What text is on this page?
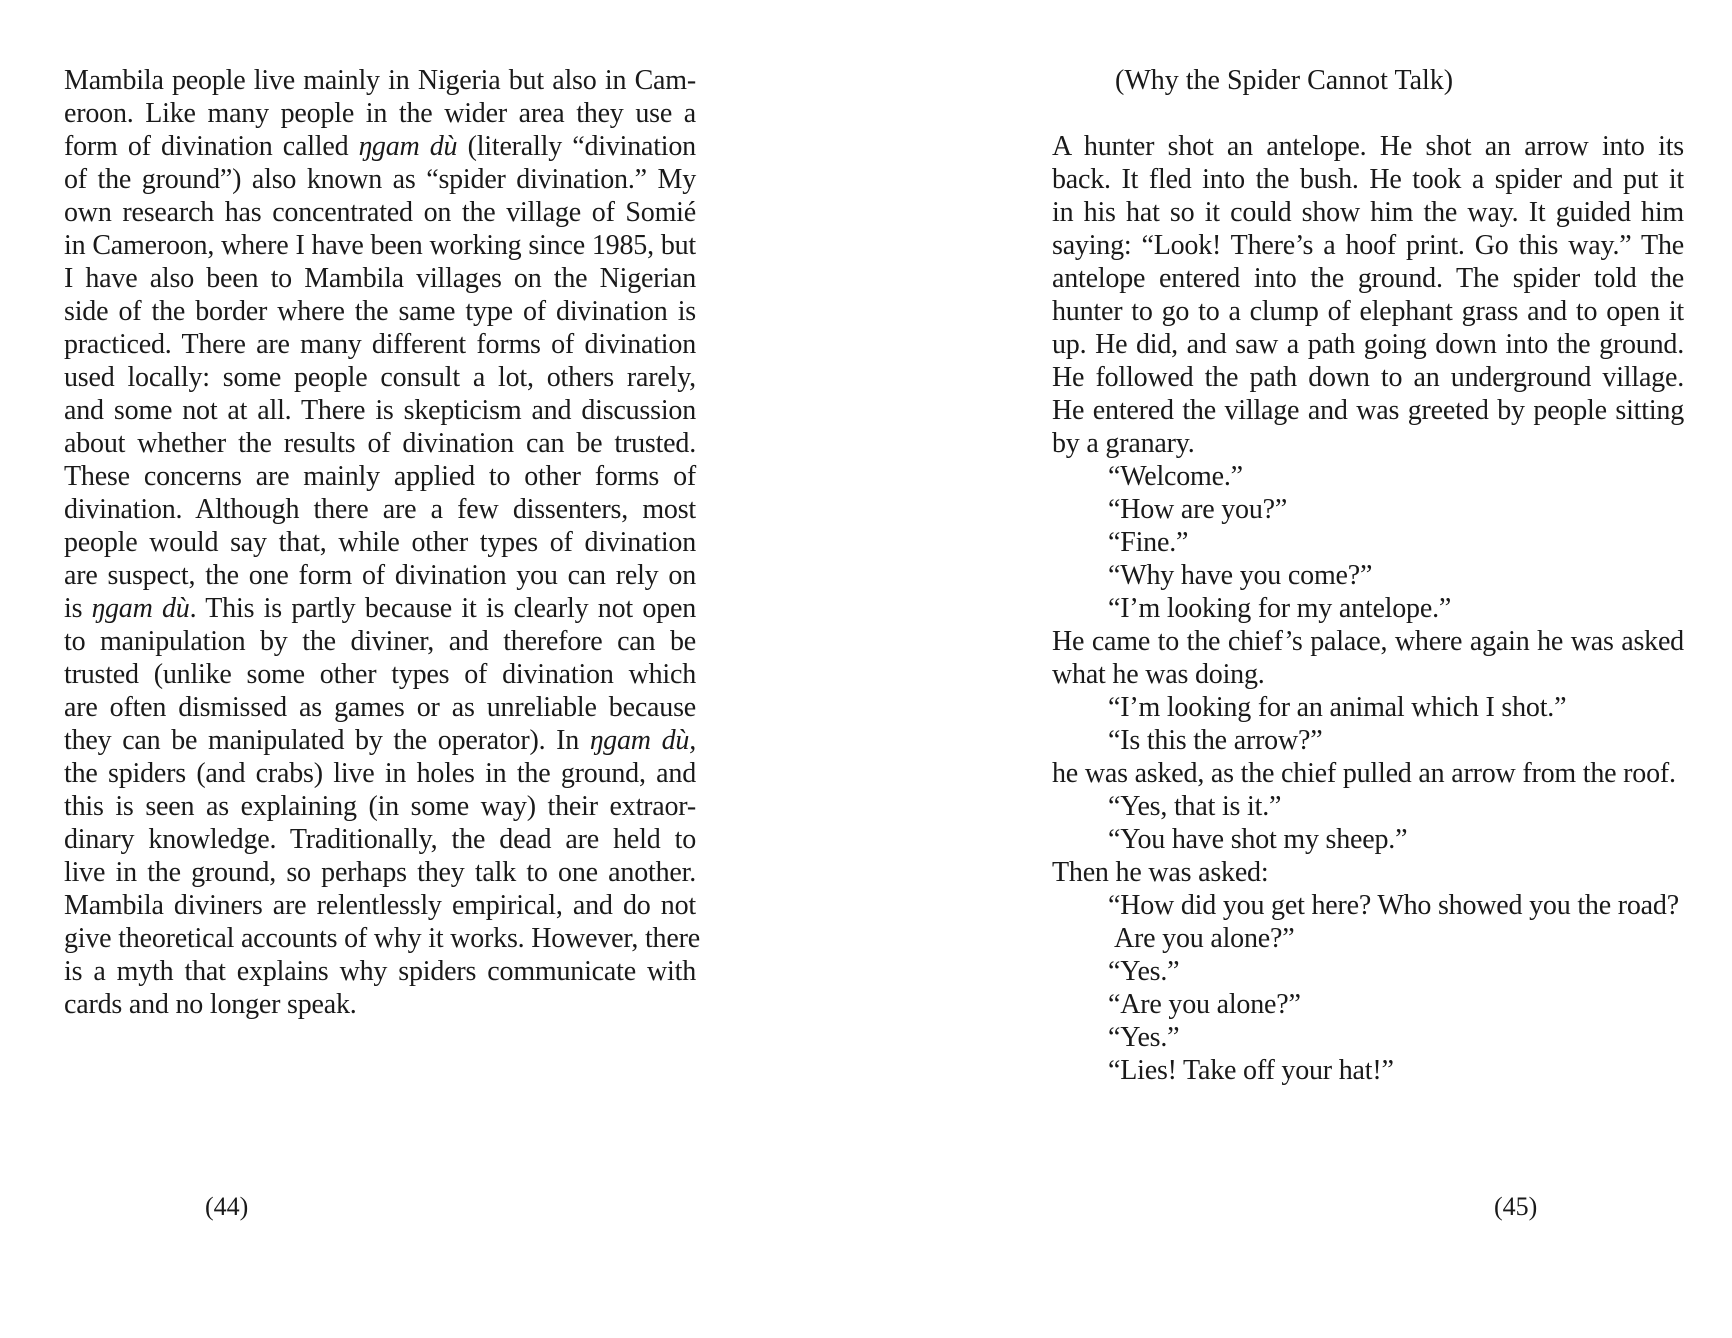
Mambila people live mainly in Nigeria but also in Cam-
eroon. Like many people in the wider area they use a
form of divination called ŋgam dù (literally “divination
of the ground”) also known as “spider divination.” My
own research has concentrated on the village of Somié
in Cameroon, where I have been working since 1985, but
I have also been to Mambila villages on the Nigerian
side of the border where the same type of divination is
practiced. There are many different forms of divination
used locally: some people consult a lot, others rarely,
and some not at all. There is skepticism and discussion
about whether the results of divination can be trusted.
These concerns are mainly applied to other forms of
divination. Although there are a few dissenters, most
people would say that, while other types of divination
are suspect, the one form of divination you can rely on
is ŋgam dù. This is partly because it is clearly not open
to manipulation by the diviner, and therefore can be
trusted (unlike some other types of divination which
are often dismissed as games or as unreliable because
they can be manipulated by the operator). In ŋgam dù,
the spiders (and crabs) live in holes in the ground, and
this is seen as explaining (in some way) their extraor-
dinary knowledge. Traditionally, the dead are held to
live in the ground, so perhaps they talk to one another.
Mambila diviners are relentlessly empirical, and do not
give theoretical accounts of why it works. However, there
is a myth that explains why spiders communicate with
cards and no longer speak.
(44)
(Why the Spider Cannot Talk)
A hunter shot an antelope. He shot an arrow into its
back. It fled into the bush. He took a spider and put it
in his hat so it could show him the way. It guided him
saying: “Look! There’s a hoof print. Go this way.” The
antelope entered into the ground. The spider told the
hunter to go to a clump of elephant grass and to open it
up. He did, and saw a path going down into the ground.
He followed the path down to an underground village.
He entered the village and was greeted by people sitting
by a granary.
“Welcome.”
“How are you?”
“Fine.”
“Why have you come?”
“I’m looking for my antelope.”
He came to the chief’s palace, where again he was asked
what he was doing.
“I’m looking for an animal which I shot.”
“Is this the arrow?”
he was asked, as the chief pulled an arrow from the roof.
“Yes, that is it.”
“You have shot my sheep.”
Then he was asked:
“How did you get here? Who showed you the road?
Are you alone?”
“Yes.”
“Are you alone?”
“Yes.”
“Lies! Take off your hat!”
(45)
